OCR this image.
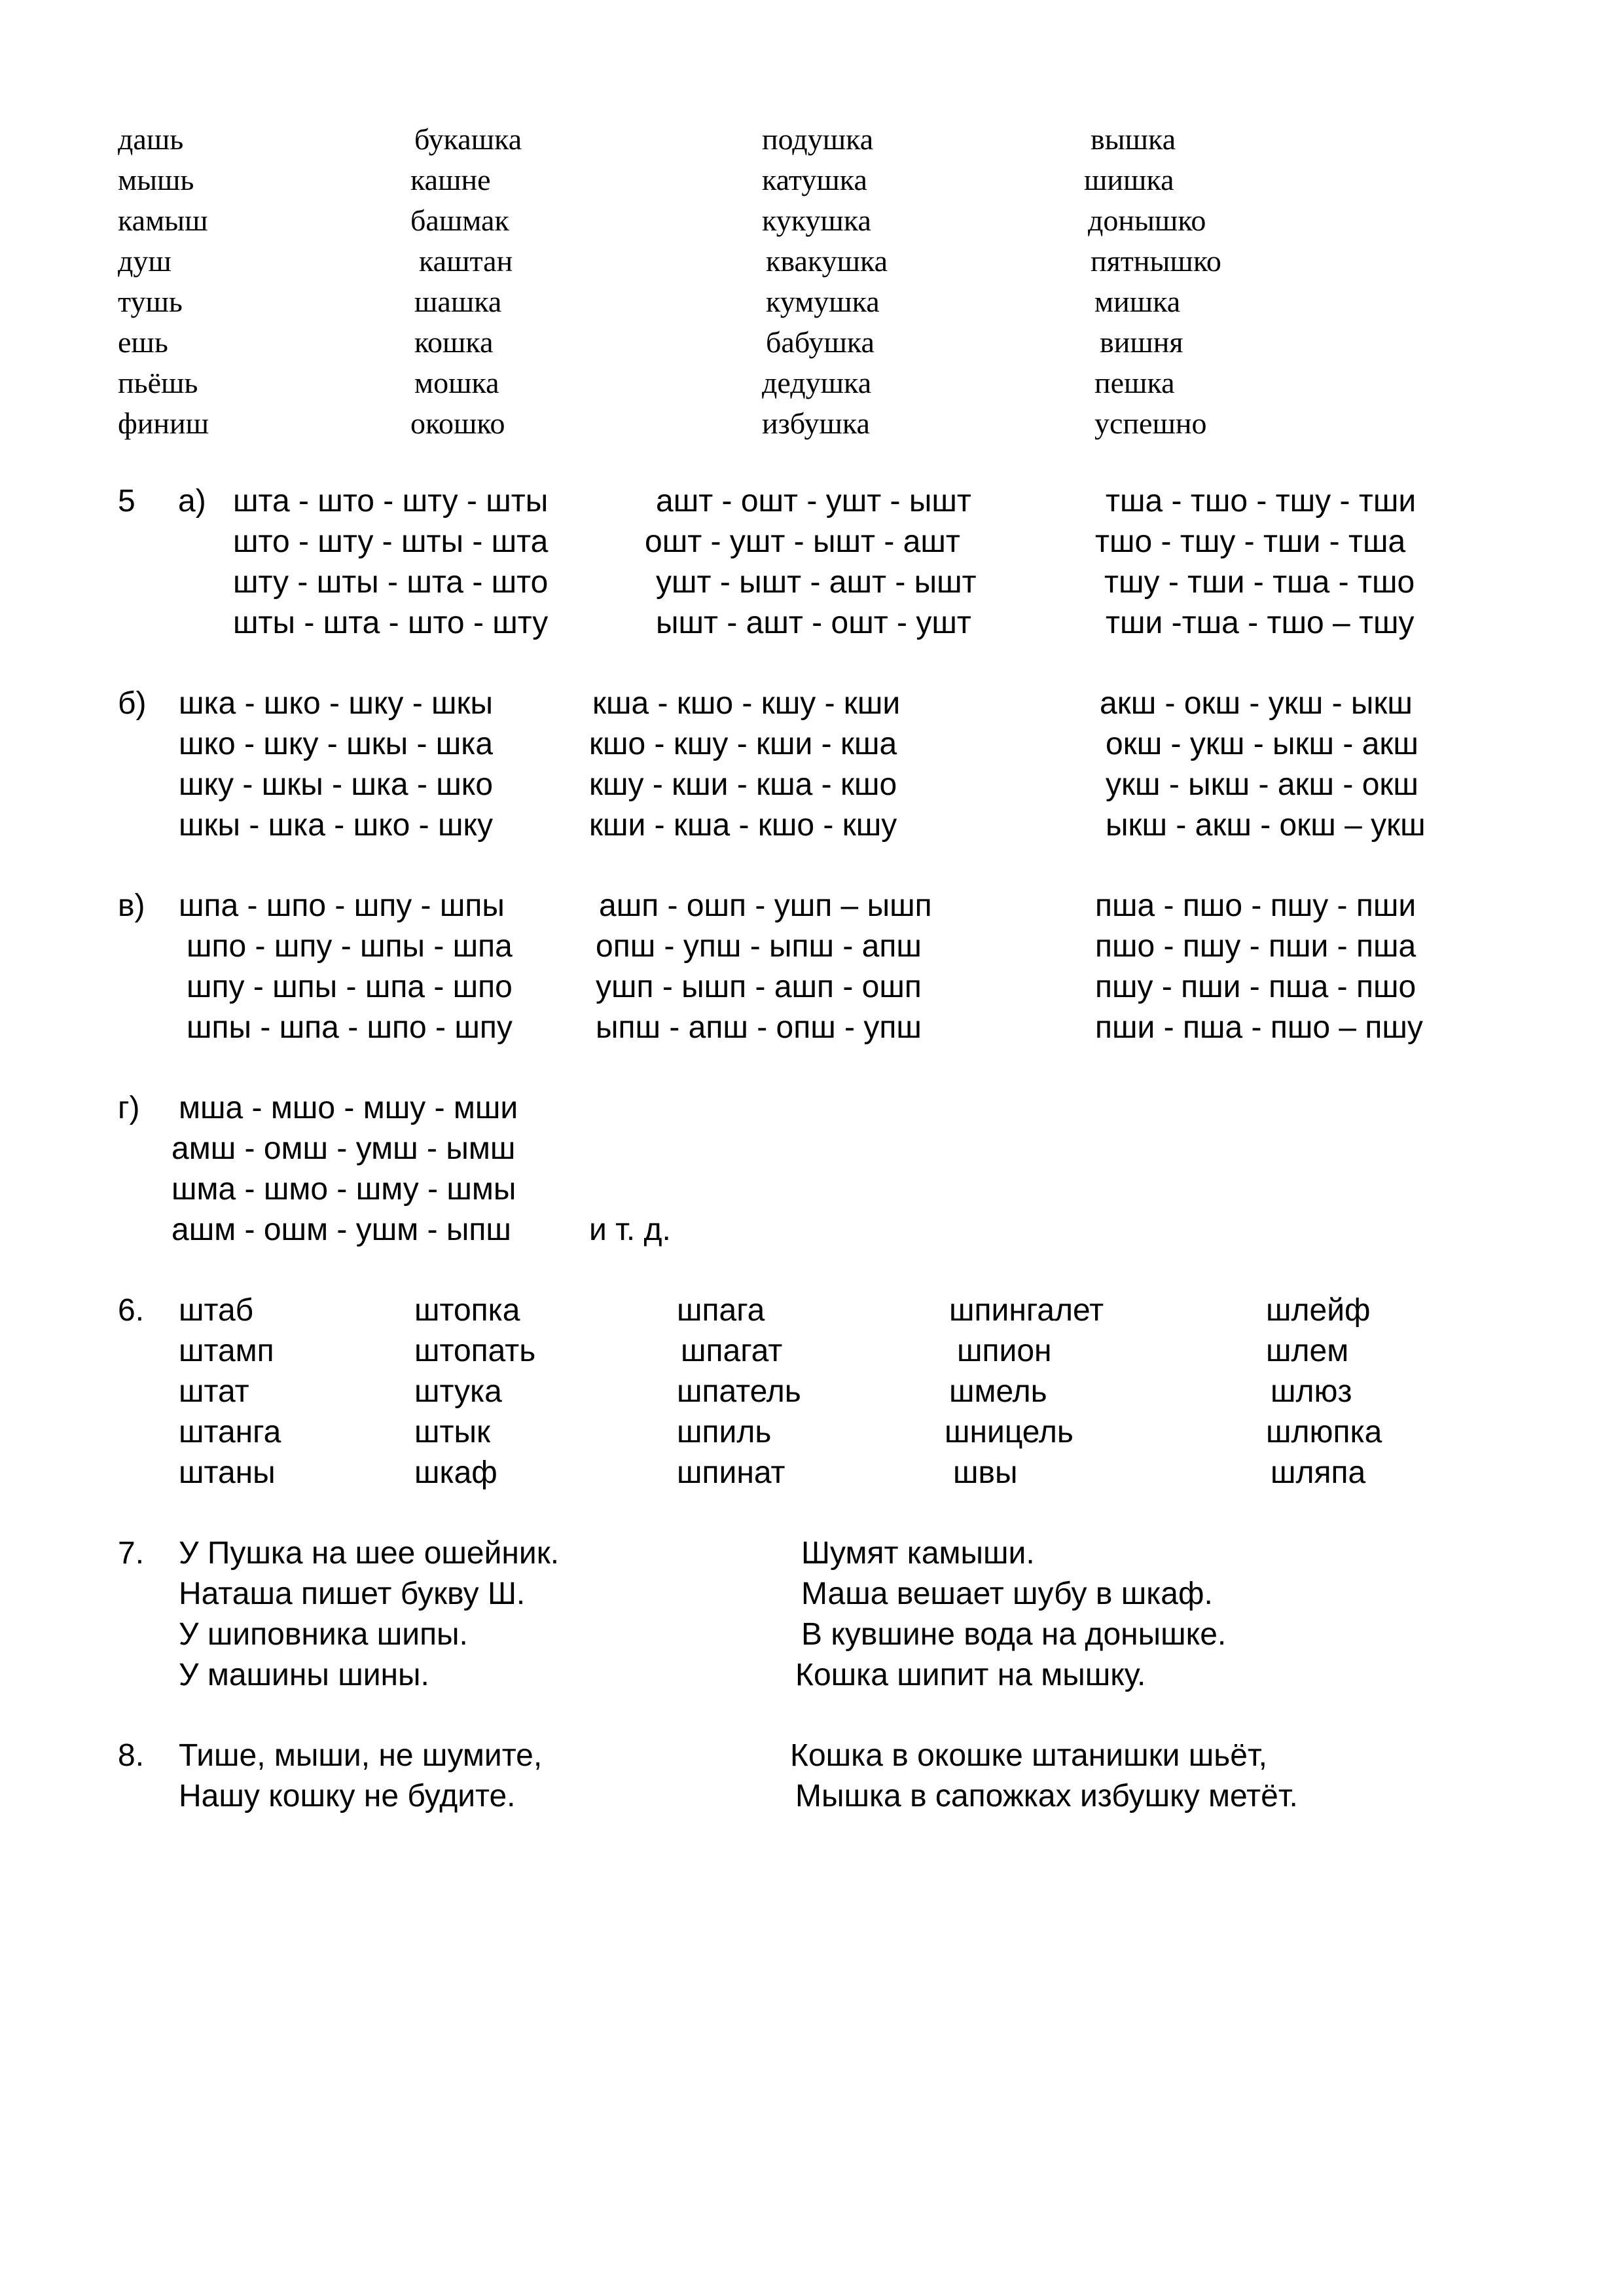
дашь
мышь
камыш
душ
тушь
ешь
пьёшь
финиш
букашка
кашне
башмак
каштан
шашка
кошка
мошка
окошко
подушка
катушка
кукушка
квакушка
кумушка
бабушка
дедушка
избушка
вышка
шишка
донышко
пятнышко
мишка
вишня
пешка
успешно
5 а) шта - што - шту - шты
што - шту - шты - шта
шту - шты - шта - што
шты - шта - што - шту
ашт - ошт - ушт - ышт
ошт - ушт - ышт - ашт
ушт - ышт - ашт - ышт
ышт - ашт - ошт - ушт
тша - тшо - тшу - тши
тшо - тшу - тши - тша
тшу - тши - тша - тшо
тши -тша - тшо – тшу
б) шка - шко - шку - шкы
шко - шку - шкы - шка
шку - шкы - шка - шко
шкы - шка - шко - шку
кша - кшо - кшу - кши
кшо - кшу - кши - кша
кшу - кши - кша - кшо
кши - кша - кшо - кшу
акш - окш - укш - ыкш
окш - укш - ыкш - акш
укш - ыкш - акш - окш
ыкш - акш - окш – укш
в) шпа - шпо - шпу - шпы
шпо - шпу - шпы - шпа
шпу - шпы - шпа - шпо
шпы - шпа - шпо - шпу
ашп - ошп - ушп – ышп
опш - упш - ыпш - апш
ушп - ышп - ашп - ошп
ыпш - апш - опш - упш
пша - пшо - пшу - пши
пшо - пшу - пши - пша
пшу - пши - пша - пшо
пши - пша - пшо – пшу
г) мша - мшо - мшу - мши
амш - омш - умш - ымш
шма - шмо - шму - шмы
ашм - ошм - ушм - ыпш и т. д.
6. штаб
штамп
штат
штанга
штаны
штопка
штопать
штука
штык
шкаф
шпага
шпагат
шпатель
шпиль
шпинат
шпингалет
шпион
шмель
шницель
швы
шлейф
шлем
шлюз
шлюпка
шляпа
7. У Пушка на шее ошейник.
Наташа пишет букву Ш.
У шиповника шипы.
У машины шины.
Шумят камыши.
Маша вешает шубу в шкаф.
В кувшине вода на донышке.
Кошка шипит на мышку.
8. Тише, мыши, не шумите,
Нашу кошку не будите.
Кошка в окошке штанишки шьёт,
Мышка в сапожках избушку метёт.
